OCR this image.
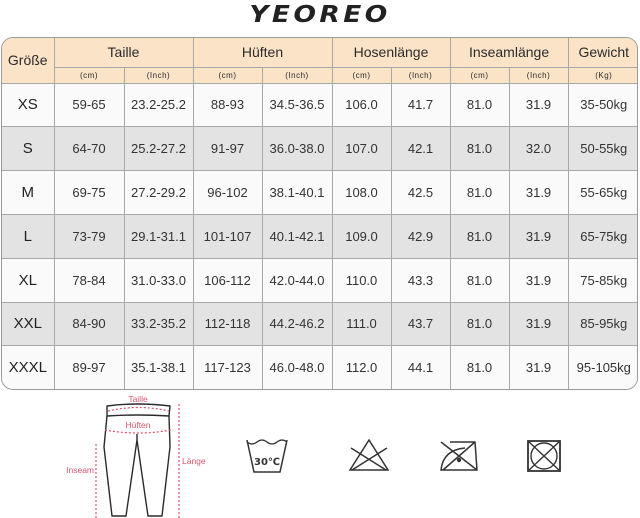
YEOREO
Größe	Taille		Hüften		Hosenlänge		Inseamlänge		Gewicht
	(cm)	(Inch)	(cm)	(Inch)	(cm)	(Inch)	(cm)	(Inch)	(Kg)
XS	59-65	23.2-25.2	88-93	34.5-36.5	106.0	41.7	81.0	31.9	35-50kg
S	64-70	25.2-27.2	91-97	36.0-38.0	107.0	42.1	81.0	32.0	50-55kg
M	69-75	27.2-29.2	96-102	38.1-40.1	108.0	42.5	81.0	31.9	55-65kg
L	73-79	29.1-31.1	101-107	40.1-42.1	109.0	42.9	81.0	31.9	65-75kg
XL	78-84	31.0-33.0	106-112	42.0-44.0	110.0	43.3	81.0	31.9	75-85kg
XXL	84-90	33.2-35.2	112-118	44.2-46.2	111.0	43.7	81.0	31.9	85-95kg
XXXL	89-97	35.1-38.1	117-123	46.0-48.0	112.0	44.1	81.0	31.9	95-105kg
Taille
Hüften
Inseam
Länge	30℃
